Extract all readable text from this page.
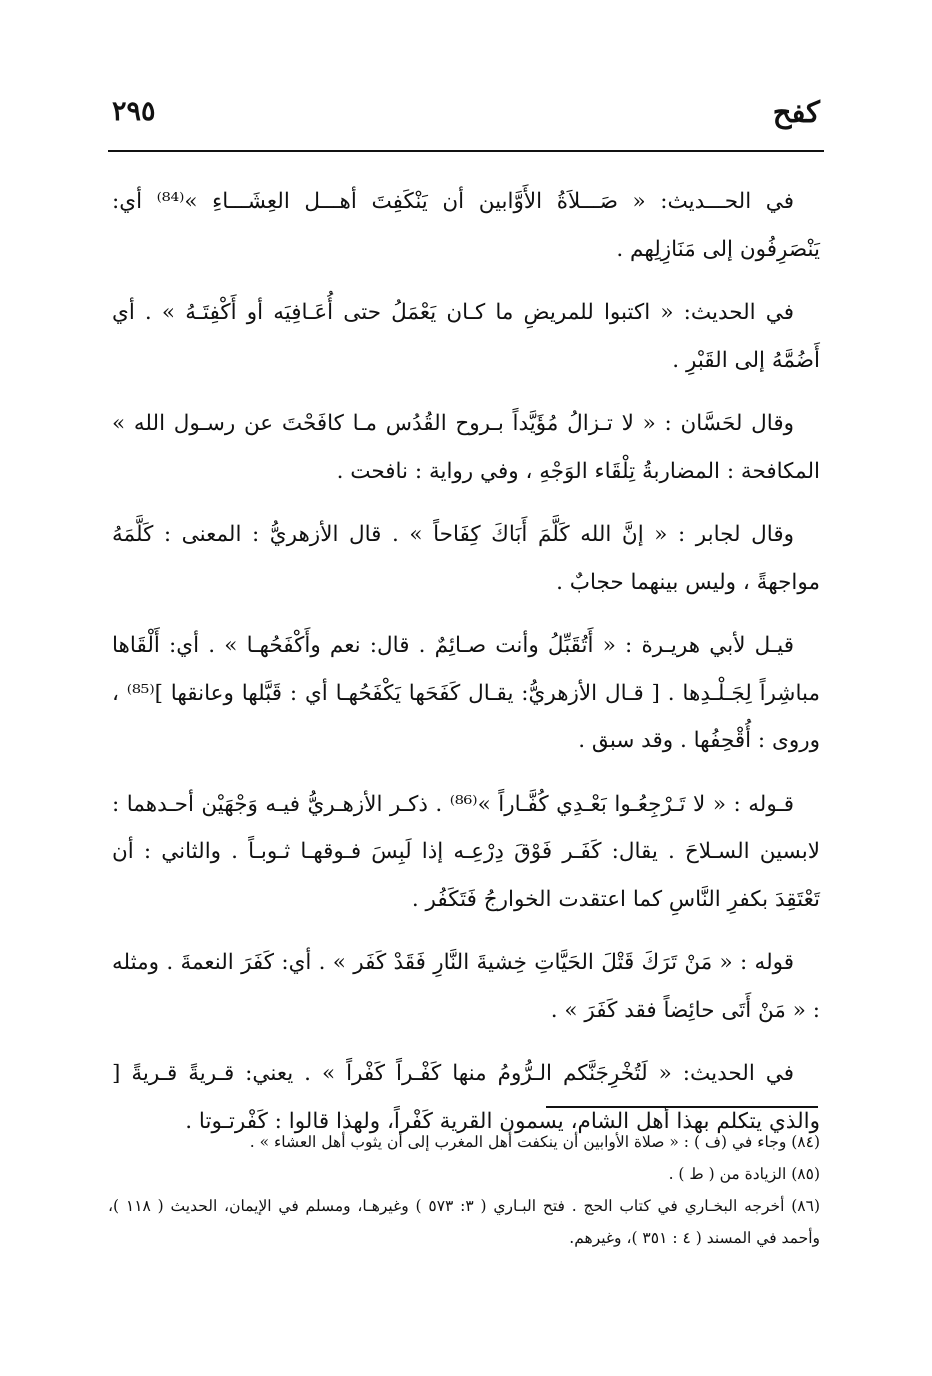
كفح
٢٩٥

في الحـــديث: « صَـــلاَةُ الأَوَّابين أن يَنْكَفِتَ أهـــل العِشَـــاءِ »⁽⁸⁴⁾ أي: يَنْصَرِفُون إلى مَنَازِلِهم .

في الحديث: « اكتبوا للمريضِ ما كـان يَعْمَلُ حتى أُعَـافِيَه أو أَكْفِتَـهُ » . أي أَضُمَّهُ إلى القَبْرِ .

وقال لحَسَّان : « لا تـزالُ مُؤَيَّداً بـروح القُدُس مـا كافَحْتَ عن رسـول الله » المكافحة : المضاربةُ تِلْقَاء الوَجْهِ ، وفي رواية : نافحت .

وقال لجابر : « إنَّ الله كَلَّمَ أَبَاكَ كِفَاحاً » . قال الأزهريُّ : المعنى : كَلَّمَهُ مواجهةً ، وليس بينهما حجابٌ .

قيـل لأبي هريـرة : « أَتُقَبِّلُ وأنت صـائِمٌ . قال: نعم وأَكْفَحُهـا » . أي: أَلْقَاها مباشِراً لِجَـلْـدِها . [ قـال الأزهريُّ: يقـال كَفَحَها يَكْفَحُهـا أي : قَبَّلها وعانقها ]⁽⁸⁵⁾ ، وروى : أُقْحِفُها . وقد سبق .

قـوله : « لا تَـرْجِعُـوا بَعْـدِي كُفَّـاراً »⁽⁸⁶⁾ . ذكـر الأزهـريُّ فيـه وَجْهَيْن أحـدهما : لابسين السـلاحَ . يقال: كَفَـر فَوْقَ دِرْعِـه إذا لَبِسَ فـوقهـا ثـوبـاً . والثاني : أن تَعْتَقِدَ بكفرِ النَّاسِ كما اعتقدت الخوارجُ فَتَكَفُر .

قوله : « مَنْ تَرَكَ قَتْلَ الحَيَّاتِ خِشيةَ النَّارِ فَقَدْ كَفَر » . أي: كَفَرَ النعمةَ . ومثله : « مَنْ أَتَى حائِضاً فقد كَفَرَ » .

في الحديث: « لَتُخْرِجَنَّكم الـرُّومُ منها كَفْـراً كَفْراً » . يعني: قـريةً قـريةً [ والذي يتكلم بهذا أهل الشام، يسمون القرية كَفْراً، ولهذا قالوا : كَفْرتـوتا .

(٨٤) وجاء في (ف ) : « صلاة الأوابين أن ينكفت أهل المغرب إلى أن يثوب أهل العشاء » .

(٨٥) الزيادة من ( ط ) .

(٨٦) أخرجه البخـاري في كتاب الحج . فتح البـاري ( ٣: ٥٧٣ ) وغيرهـا، ومسلم في الإيمان، الحديث ( ١١٨ )، وأحمد في المسند ( ٤ : ٣٥١ )، وغيرهم.
